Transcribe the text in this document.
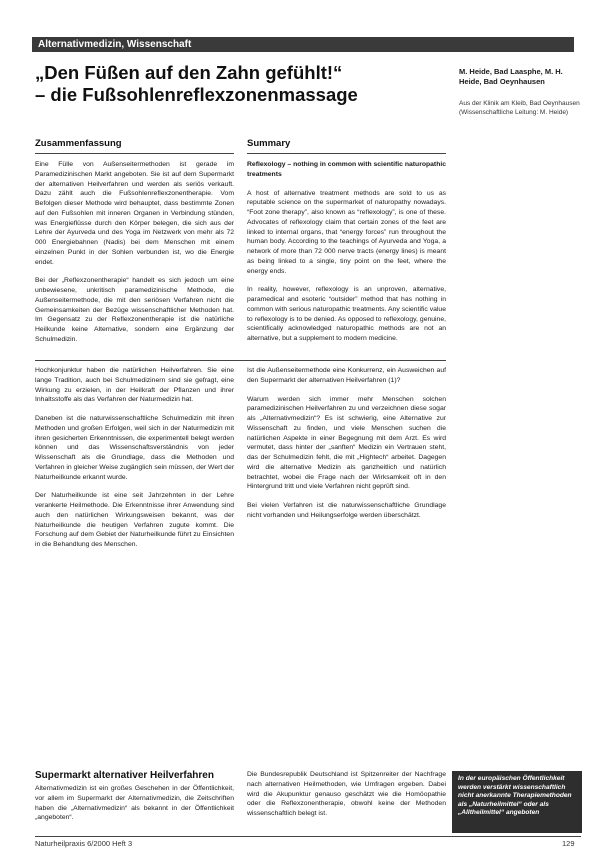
Alternativmedizin, Wissenschaft
„Den Füßen auf den Zahn gefühlt!“
– die Fußsohlenreflexzonenmassage
M. Heide, Bad Laasphe, M. H. Heide, Bad Oeynhausen
Aus der Klinik am Kleib, Bad Oeynhausen (Wissenschaftliche Leitung: M. Heide)
Zusammenfassung	Summary

Eine Fülle von Außenseitermethoden ist gerade im Paramedizinischen Markt angeboten. Sie ist auf dem Supermarkt der alternativen Heilverfahren und werden als seriös verkauft. Dazu zählt auch die Fußsohlenreflexzonentherapie. Vom Befolgen dieser Methode wird behauptet, dass bestimmte Zonen auf den Fußsohlen mit inneren Organen in Verbindung stünden, was Energieflüsse durch den Körper belegen, die sich aus der Lehre der Ayurveda und des Yoga im Netzwerk von mehr als 72 000 Energiebahnen (Nadis) bei dem Menschen mit einem einzelnen Punkt in der Sohlen verbunden ist, wo die Energie endet.

Bei der „Reflexzonentherapie“ handelt es sich jedoch um eine unbewiesene, unkritisch paramedizinische Methode, die Außenseitermethode, die mit den seriösen Verfahren nicht die Gemeinsamkeiten der Bezüge wissenschaftlicher Methoden hat. Im Gegensatz zu der Reflexzonentherapie ist die natürliche Heilkunde keine Alternative, sondern eine Ergänzung der Schulmedizin.

Reflexology – nothing in common with scientific naturopathic treatments

A host of alternative treatment methods are sold to us as reputable science on the supermarket of naturopathy nowadays. “Foot zone therapy”, also known as “reflexology”, is one of these. Advocates of reflexology claim that certain zones of the feet are linked to internal organs, that “energy forces” run throughout the human body. According to the teachings of Ayurveda and Yoga, a network of more than 72 000 nerve tracts (energy lines) is meant as being linked to a single, tiny point on the feet, where the energy ends.

In reality, however, reflexology is an unproven, alternative, paramedical and esoteric “outsider” method that has nothing in common with serious naturopathic treatments. Any scientific value to reflexology is to be denied. As opposed to reflexology, genuine, scientifically acknowledged naturopathic methods are not an alternative, but a supplement to modern medicine.

Hochkonjunktur haben die natürlichen Heilverfahren. Sie eine lange Tradition, auch bei Schulmedizinern sind sie gefragt, eine Wirkung zu erzielen, in der Heilkraft der Pflanzen und ihrer Inhaltsstoffe als das Verfahren der Naturmedizin hat.

Daneben ist die naturwissenschaftliche Schulmedizin mit ihren Methoden und großen Erfolgen, weil sich in der Naturmedizin mit ihren gesicherten Erkenntnissen, die experimentell belegt werden können und das Wissenschaftsverständnis von jeder Wissenschaft als die Grundlage, dass die Methoden und Verfahren in gleicher Weise zugänglich sein müssen, der Wert der Naturheilkunde erkannt wurde.

Der Naturheilkunde ist eine seit Jahrzehnten in der Lehre verankerte Heilmethode. Die Erkenntnisse ihrer Anwendung sind auch den natürlichen Wirkungsweisen bekannt, was der Naturheilkunde die heutigen Verfahren zugute kommt. Die Forschung auf dem Gebiet der Naturheilkunde führt zu Einsichten in die Behandlung des Menschen.

Ist die Außenseitermethode eine Konkurrenz, ein Ausweichen auf den Supermarkt der alternativen Heilverfahren (1)?

Warum werden sich immer mehr Menschen solchen paramedizinischen Heilverfahren zu und verzeichnen diese sogar als „Alternativmedizin“? Es ist schwierig, eine Alternative zur Wissenschaft zu finden, und viele Menschen suchen die natürlichen Aspekte in einer Begegnung mit dem Arzt. Es wird vermutet, dass hinter der „sanften“ Medizin ein Vertrauen steht, das der Schulmedizin fehlt, die mit „Hightech“ arbeitet. Dagegen wird die alternative Medizin als ganzheitlich und natürlich betrachtet, wobei die Frage nach der Wirksamkeit oft in den Hintergrund tritt und viele Verfahren nicht geprüft sind.

Bei vielen Verfahren ist die naturwissenschaftliche Grundlage nicht vorhanden und Heilungserfolge werden überschätzt.

Supermarkt alternativer Heilverfahren

Alternativmedizin ist ein großes Geschehen in der Öffentlichkeit, vor allem im Supermarkt der Alternativmedizin, die Zeitschriften haben die „Alternativmedizin“ als bekannt in der Öffentlichkeit „angeboten“.

Die Bundesrepublik Deutschland ist Spitzenreiter der Nachfrage nach alternativen Heilmethoden, wie Umfragen ergeben. Dabei wird die Akupunktur genauso geschätzt wie die Homöopathie oder die Reflexzonentherapie, obwohl keine der Methoden wissenschaftlich belegt ist.

In der europäischen Öffentlichkeit werden verstärkt wissenschaftlich nicht anerkannte Therapiemethoden als „Naturheilmittel“ oder als „Alltheilmittel“ angeboten
Naturheilpraxis 6/2000 Heft 3	129
